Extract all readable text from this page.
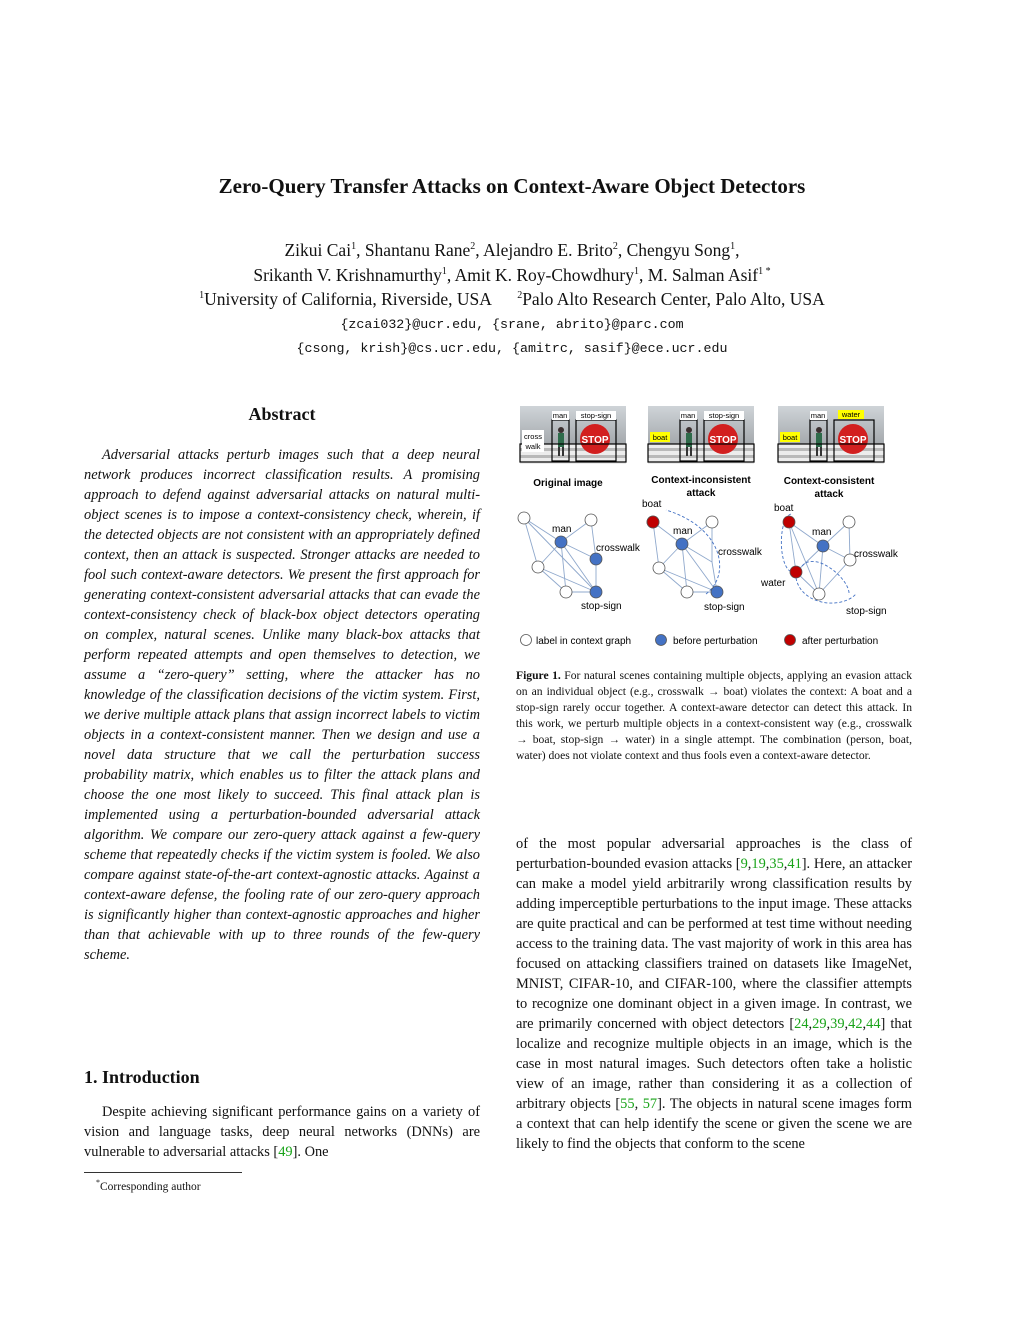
Zero-Query Transfer Attacks on Context-Aware Object Detectors
Zikui Cai$^1$, Shantanu Rane$^2$, Alejandro E. Brito$^2$, Chengyu Song$^1$,
Srikanth V. Krishnamurthy$^1$, Amit K. Roy-Chowdhury$^1$, M. Salman Asif$^{1 *}$
$^1$University of California, Riverside, USA	$^2$Palo Alto Research Center, Palo Alto, USA
{zcai032}@ucr.edu, {srane, abrito}@parc.com
{csong, krish}@cs.ucr.edu, {amitrc, sasif}@ece.ucr.edu
Abstract

Adversarial attacks perturb images such that a deep neural network produces incorrect classification results. A promising approach to defend against adversarial attacks on natural multi-object scenes is to impose a context-consistency check, wherein, if the detected objects are not consistent with an appropriately defined context, then an attack is suspected. Stronger attacks are needed to fool such context-aware detectors. We present the first approach for generating context-consistent adversarial attacks that can evade the context-consistency check of black-box object detectors operating on complex, natural scenes. Unlike many black-box attacks that perform repeated attempts and open themselves to detection, we assume a “zero-query” setting, where the attacker has no knowledge of the classification decisions of the victim system. First, we derive multiple attack plans that assign incorrect labels to victim objects in a context-consistent manner. Then we design and use a novel data structure that we call the perturbation success probability matrix, which enables us to filter the attack plans and choose the one most likely to succeed. This final attack plan is implemented using a perturbation-bounded adversarial attack algorithm. We compare our zero-query attack against a few-query scheme that repeatedly checks if the victim system is fooled. We also compare against state-of-the-art context-agnostic attacks. Against a context-aware defense, the fooling rate of our zero-query approach is significantly higher than context-agnostic approaches and higher than that achievable with up to three rounds of the few-query scheme.

1. Introduction

Despite achieving significant performance gains on a variety of vision and language tasks, deep neural networks (DNNs) are vulnerable to adversarial attacks [49]. One

*Corresponding author
STOP
man stop-sign
cross
walk
STOP
man stop-sign
boat	STOP
man water
boat
Original image	Context-inconsistent
attack
Context-consistent
attack
man
crosswalk
stop-sign
boat
man
crosswalk
stop-sign
boat
man
crosswalk
water
stop-sign
label in context graph	before perturbation	after perturbation

Figure 1. For natural scenes containing multiple objects, applying an evasion attack on an individual object (e.g., crosswalk → boat) violates the context: A boat and a stop-sign rarely occur together. A context-aware detector can detect this attack. In this work, we perturb multiple objects in a context-consistent way (e.g., crosswalk → boat, stop-sign → water) in a single attempt. The combination (person, boat, water) does not violate context and thus fools even a context-aware detector.

of the most popular adversarial approaches is the class of perturbation-bounded evasion attacks [9,19,35,41]. Here, an attacker can make a model yield arbitrarily wrong classification results by adding imperceptible perturbations to the input image. These attacks are quite practical and can be performed at test time without needing access to the training data. The vast majority of work in this area has focused on attacking classifiers trained on datasets like ImageNet, MNIST, CIFAR-10, and CIFAR-100, where the classifier attempts to recognize one dominant object in a given image. In contrast, we are primarily concerned with object detectors [24,29,39,42,44] that localize and recognize multiple objects in an image, which is the case in most natural images. Such detectors often take a holistic view of an image, rather than considering it as a collection of arbitrary objects [55, 57]. The objects in natural scene images form a context that can help identify the scene or given the scene we are likely to find the objects that conform to the scene
